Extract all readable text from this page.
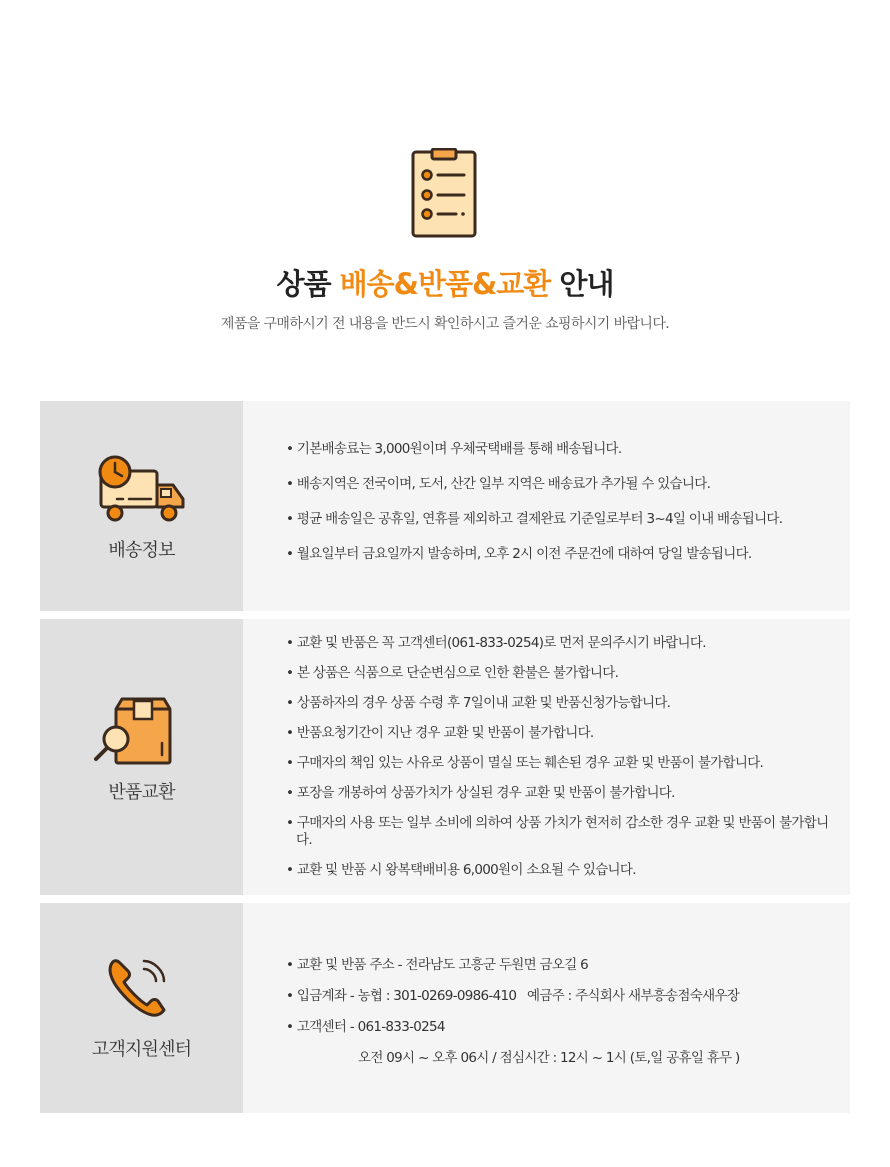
상품 배송&반품&교환 안내
제품을 구매하시기 전 내용을 반드시 확인하시고 즐거운 쇼핑하시기 바랍니다.
배송정보
• 기본배송료는 3,000원이며 우체국택배를 통해 배송됩니다.
• 배송지역은 전국이며, 도서, 산간 일부 지역은 배송료가 추가될 수 있습니다.
• 평균 배송일은 공휴일, 연휴를 제외하고 결제완료 기준일로부터 3~4일 이내 배송됩니다.
• 월요일부터 금요일까지 발송하며, 오후 2시 이전 주문건에 대하여 당일 발송됩니다.
반품교환
• 교환 및 반품은 꼭 고객센터(061-833-0254)로 먼저 문의주시기 바랍니다.
• 본 상품은 식품으로 단순변심으로 인한 환불은 불가합니다.
• 상품하자의 경우 상품 수령 후 7일이내 교환 및 반품신청가능합니다.
• 반품요청기간이 지난 경우 교환 및 반품이 불가합니다.
• 구매자의 책임 있는 사유로 상품이 멸실 또는 훼손된 경우 교환 및 반품이 불가합니다.
• 포장을 개봉하여 상품가치가 상실된 경우 교환 및 반품이 불가합니다.
• 구매자의 사용 또는 일부 소비에 의하여 상품 가치가 현저히 감소한 경우 교환 및 반품이 불가합니다.
• 교환 및 반품 시 왕복택배비용 6,000원이 소요될 수 있습니다.
고객지원센터
• 교환 및 반품 주소 - 전라남도 고흥군 두원면 금오길 6
• 입금계좌 - 농협 : 301-0269-0986-410   예금주 : 주식회사 새부흥송점숙새우장
• 고객센터 - 061-833-0254
오전 09시 ~ 오후 06시 / 점심시간 : 12시 ~ 1시 (토,일 공휴일 휴무 )
